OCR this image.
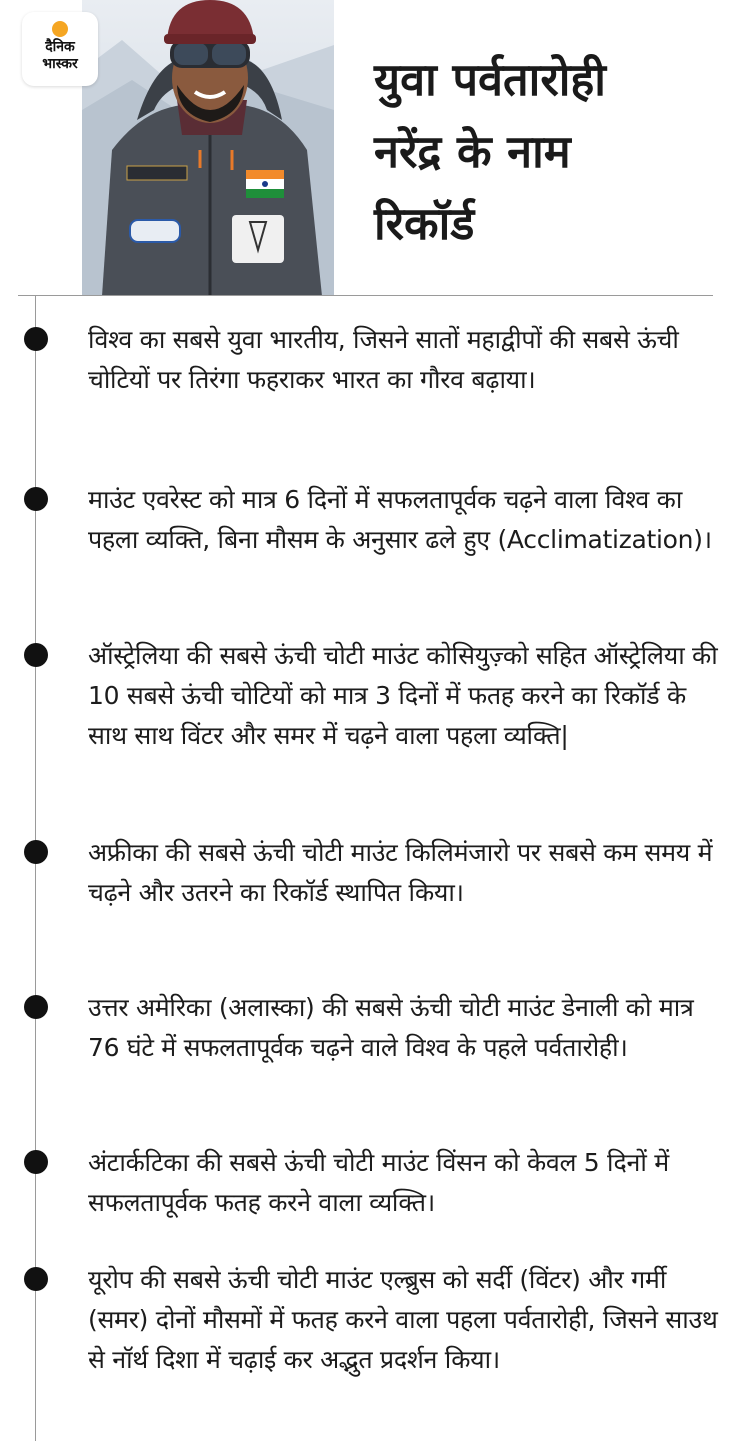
दैनिक
भास्कर	युवा पर्वतारोही
नरेंद्र के नाम
रिकॉर्ड
विश्व का सबसे युवा भारतीय, जिसने सातों महाद्वीपों की सबसे ऊंची चोटियों पर तिरंगा फहराकर भारत का गौरव बढ़ाया।
माउंट एवरेस्ट को मात्र 6 दिनों में सफलतापूर्वक चढ़ने वाला विश्व का पहला व्यक्ति, बिना मौसम के अनुसार ढले हुए (Acclimatization)।
ऑस्ट्रेलिया की सबसे ऊंची चोटी माउंट कोसियुज़्को सहित ऑस्ट्रेलिया की 10 सबसे ऊंची चोटियों को मात्र 3 दिनों में फतह करने का रिकॉर्ड के साथ साथ विंटर और समर में चढ़ने वाला पहला व्यक्ति|
अफ्रीका की सबसे ऊंची चोटी माउंट किलिमंजारो पर सबसे कम समय में चढ़ने और उतरने का रिकॉर्ड स्थापित किया।
उत्तर अमेरिका (अलास्का) की सबसे ऊंची चोटी माउंट डेनाली को मात्र 76 घंटे में सफलतापूर्वक चढ़ने वाले विश्व के पहले पर्वतारोही।
अंटार्कटिका की सबसे ऊंची चोटी माउंट विंसन को केवल 5 दिनों में सफलतापूर्वक फतह करने वाला व्यक्ति।
यूरोप की सबसे ऊंची चोटी माउंट एल्ब्रुस को सर्दी (विंटर) और गर्मी (समर) दोनों मौसमों में फतह करने वाला पहला पर्वतारोही, जिसने साउथ से नॉर्थ दिशा में चढ़ाई कर अद्भुत प्रदर्शन किया।
